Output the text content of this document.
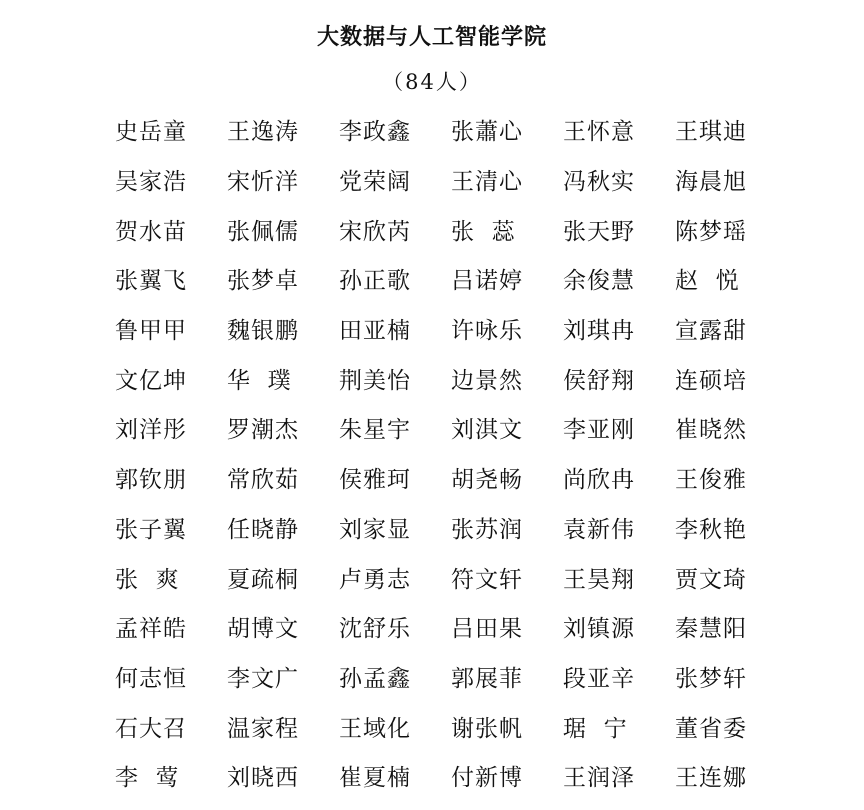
大数据与人工智能学院
（84人）
史岳童	王逸涛	李政鑫	张蕭心	王怀意	王琪迪
吴家浩	宋忻洋	党荣阔	王清心	冯秋实	海晨旭
贺水苗	张佩儒	宋欣芮	张  蕊	张天野	陈梦瑶
张翼飞	张梦卓	孙正歌	吕诺婷	余俊慧	赵  悦
鲁甲甲	魏银鹏	田亚楠	许咏乐	刘琪冉	宣露甜
文亿坤	华  璞	荆美怡	边景然	侯舒翔	连硕培
刘洋彤	罗潮杰	朱星宇	刘淇文	李亚刚	崔晓然
郭钦朋	常欣茹	侯雅珂	胡尧畅	尚欣冉	王俊雅
张子翼	任晓静	刘家显	张苏润	袁新伟	李秋艳
张  爽	夏疏桐	卢勇志	符文轩	王昊翔	贾文琦
孟祥皓	胡博文	沈舒乐	吕田果	刘镇源	秦慧阳
何志恒	李文广	孙孟鑫	郭展菲	段亚辛	张梦轩
石大召	温家程	王域化	谢张帆	琚  宁	董省委
李  莺	刘晓西	崔夏楠	付新博	王润泽	王连娜
